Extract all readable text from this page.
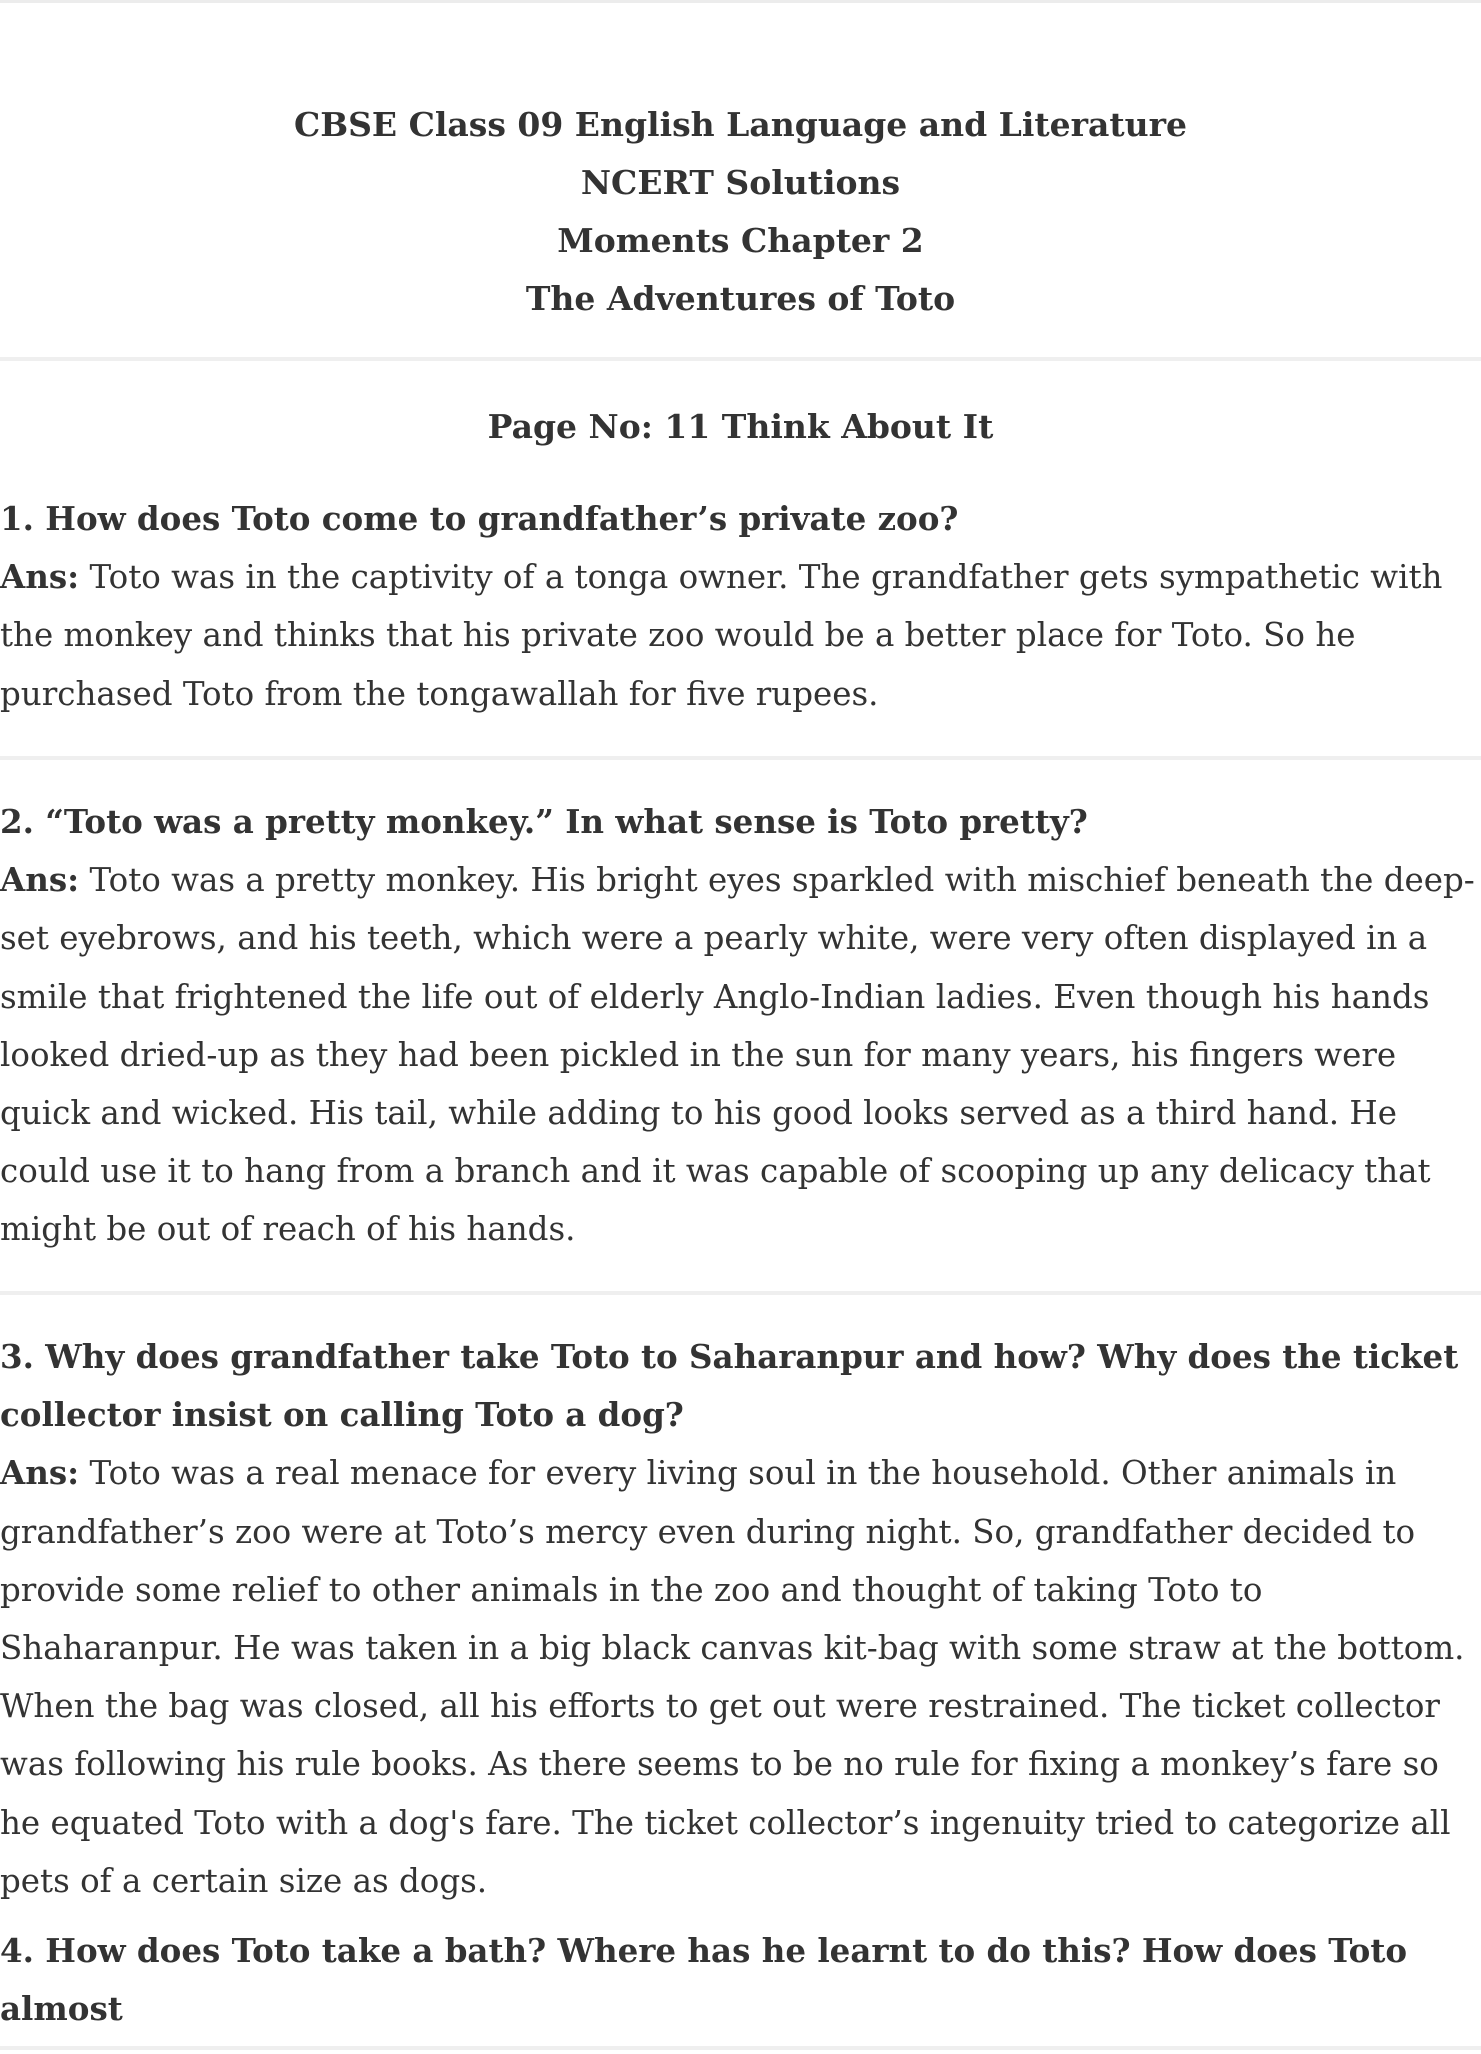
CBSE Class 09 English Language and Literature
NCERT Solutions
Moments Chapter 2
The Adventures of Toto
Page No: 11 Think About It

1. How does Toto come to grandfather’s private zoo?

Ans: Toto was in the captivity of a tonga owner. The grandfather gets sympathetic with the monkey and thinks that his private zoo would be a better place for Toto. So he purchased Toto from the tongawallah for five rupees.

2. “Toto was a pretty monkey.” In what sense is Toto pretty?

Ans: Toto was a pretty monkey. His bright eyes sparkled with mischief beneath the deep-set eyebrows, and his teeth, which were a pearly white, were very often displayed in a smile that frightened the life out of elderly Anglo-Indian ladies. Even though his hands looked dried-up as they had been pickled in the sun for many years, his fingers were quick and wicked. His tail, while adding to his good looks served as a third hand. He could use it to hang from a branch and it was capable of scooping up any delicacy that might be out of reach of his hands.

3. Why does grandfather take Toto to Saharanpur and how? Why does the ticket collector insist on calling Toto a dog?

Ans: Toto was a real menace for every living soul in the household. Other animals in grandfather’s zoo were at Toto’s mercy even during night. So, grandfather decided to provide some relief to other animals in the zoo and thought of taking Toto to Shaharanpur. He was taken in a big black canvas kit-bag with some straw at the bottom. When the bag was closed, all his efforts to get out were restrained. The ticket collector was following his rule books. As there seems to be no rule for fixing a monkey’s fare so he equated Toto with a dog's fare. The ticket collector’s ingenuity tried to categorize all pets of a certain size as dogs.

4. How does Toto take a bath? Where has he learnt to do this? How does Toto almost
